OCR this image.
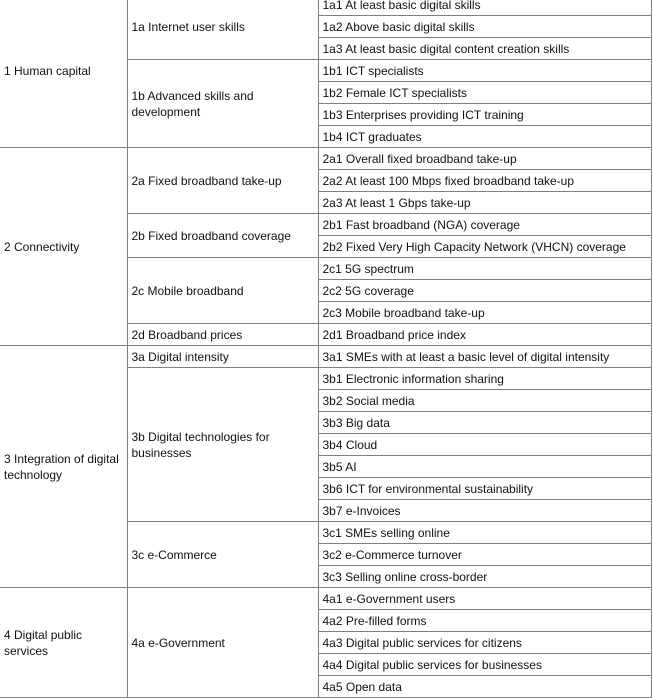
1 Human capital	1a Internet user skills	1a1 At least basic digital skills
		1a2 Above basic digital skills
		1a3 At least basic digital content creation skills
	1b Advanced skills and development	1b1 ICT specialists
		1b2 Female ICT specialists
		1b3 Enterprises providing ICT training
		1b4 ICT graduates
2 Connectivity	2a Fixed broadband take-up	2a1 Overall fixed broadband take-up
		2a2 At least 100 Mbps fixed broadband take-up
		2a3 At least 1 Gbps take-up
	2b Fixed broadband coverage	2b1 Fast broadband (NGA) coverage
		2b2 Fixed Very High Capacity Network (VHCN) coverage
	2c Mobile broadband	2c1 5G spectrum
		2c2 5G coverage
		2c3 Mobile broadband take-up
	2d Broadband prices	2d1 Broadband price index
3 Integration of digital technology	3a Digital intensity	3a1 SMEs with at least a basic level of digital intensity
	3b Digital technologies for businesses	3b1 Electronic information sharing
		3b2 Social media
		3b3 Big data
		3b4 Cloud
		3b5 AI
		3b6 ICT for environmental sustainability
		3b7 e-Invoices
	3c e-Commerce	3c1 SMEs selling online
		3c2 e-Commerce turnover
		3c3 Selling online cross-border
4 Digital public services	4a e-Government	4a1 e-Government users
		4a2 Pre-filled forms
		4a3 Digital public services for citizens
		4a4 Digital public services for businesses
		4a5 Open data
